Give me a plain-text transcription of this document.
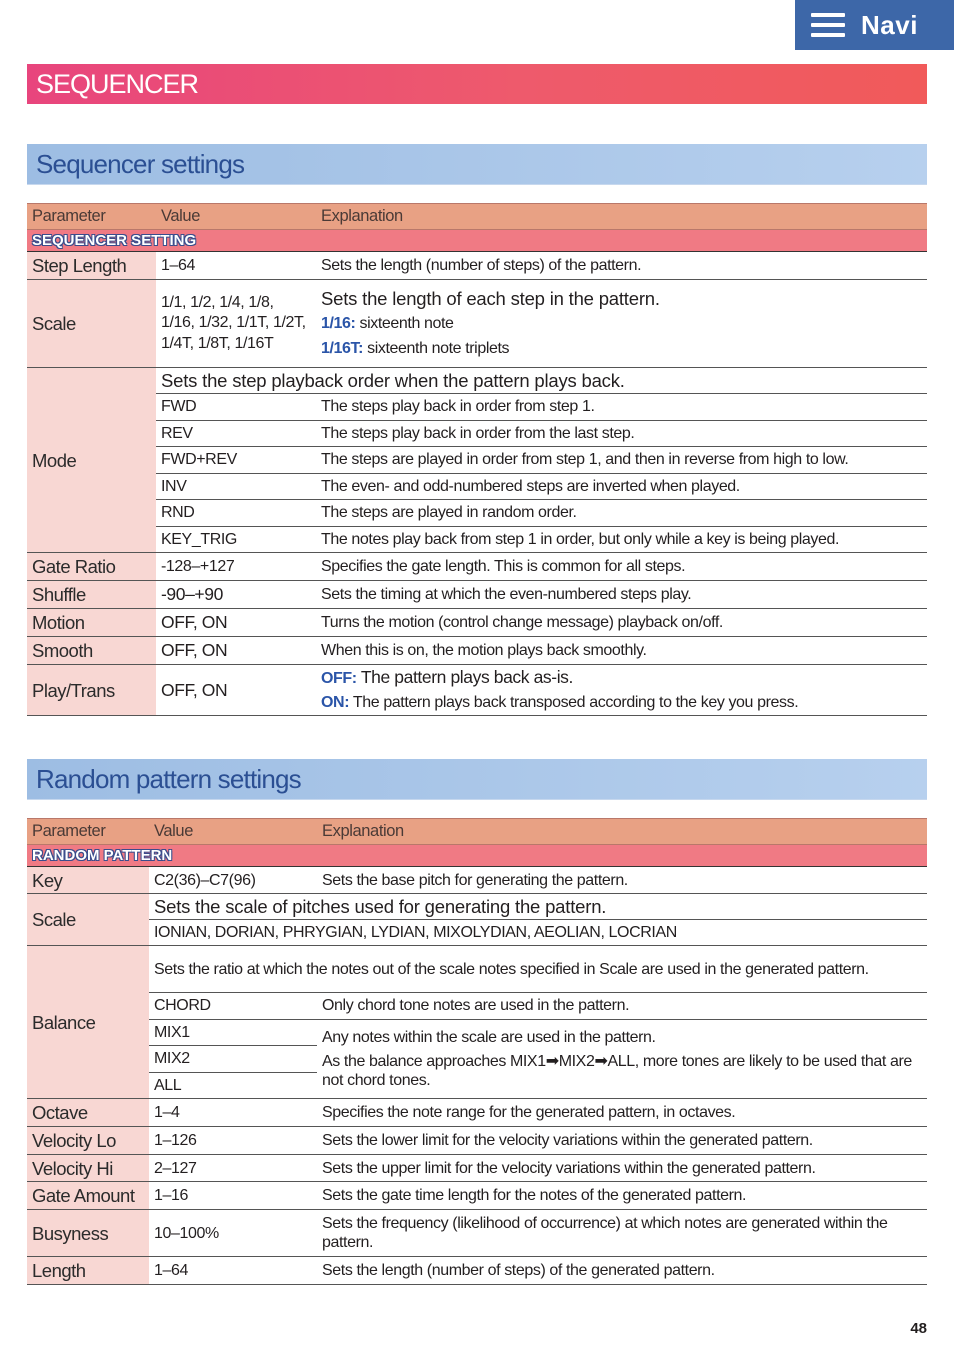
Navi
SEQUENCER
Sequencer settings
Parameter	Value	Explanation
SEQUENCER SETTING		
Step Length	1–64	Sets the length (number of steps) of the pattern.
Scale	1/1, 1/2, 1/4, 1/8, 1/16, 1/32, 1/1T, 1/2T, 1/4T, 1/8T, 1/16T	Sets the length of each step in the pattern.
1/16: sixteenth note
1/16T: sixteenth note triplets

Mode	Sets the step playback order when the pattern plays back.	
	FWD	The steps play back in order from step 1.
	REV	The steps play back in order from the last step.
	FWD+REV	The steps are played in order from step 1, and then in reverse from high to low.
	INV	The even- and odd-numbered steps are inverted when played.
	RND	The steps are played in random order.
	KEY_TRIG	The notes play back from step 1 in order, but only while a key is being played.
Gate Ratio	-128–+127	Specifies the gate length. This is common for all steps.
Shuffle	-90–+90	Sets the timing at which the even-numbered steps play.
Motion	OFF, ON	Turns the motion (control change message) playback on/off.
Smooth	OFF, ON	When this is on, the motion plays back smoothly.
Play/Trans	OFF, ON	OFF: The pattern plays back as-is.
ON: The pattern plays back transposed according to the key you press.
Random pattern settings
Parameter	Value	Explanation
RANDOM PATTERN		
Key	C2(36)–C7(96)	Sets the base pitch for generating the pattern.
Scale	Sets the scale of pitches used for generating the pattern.	
	IONIAN, DORIAN, PHRYGIAN, LYDIAN, MIXOLYDIAN, AEOLIAN, LOCRIAN	
Balance	Sets the ratio at which the notes out of the scale notes specified in Scale are used in the generated pattern.	
	CHORD	Only chord tone notes are used in the pattern.
	MIX1	Any notes within the scale are used in the pattern.
As the balance approaches MIX1➡MIX2➡ALL, more tones are likely to be used that are not chord tones.

	MIX2	
	ALL	
Octave	1–4	Specifies the note range for the generated pattern, in octaves.
Velocity Lo	1–126	Sets the lower limit for the velocity variations within the generated pattern.
Velocity Hi	2–127	Sets the upper limit for the velocity variations within the generated pattern.
Gate Amount	1–16	Sets the gate time length for the notes of the generated pattern.
Busyness	10–100%	Sets the frequency (likelihood of occurrence) at which notes are generated within the pattern.
Length	1–64	Sets the length (number of steps) of the generated pattern.
48
